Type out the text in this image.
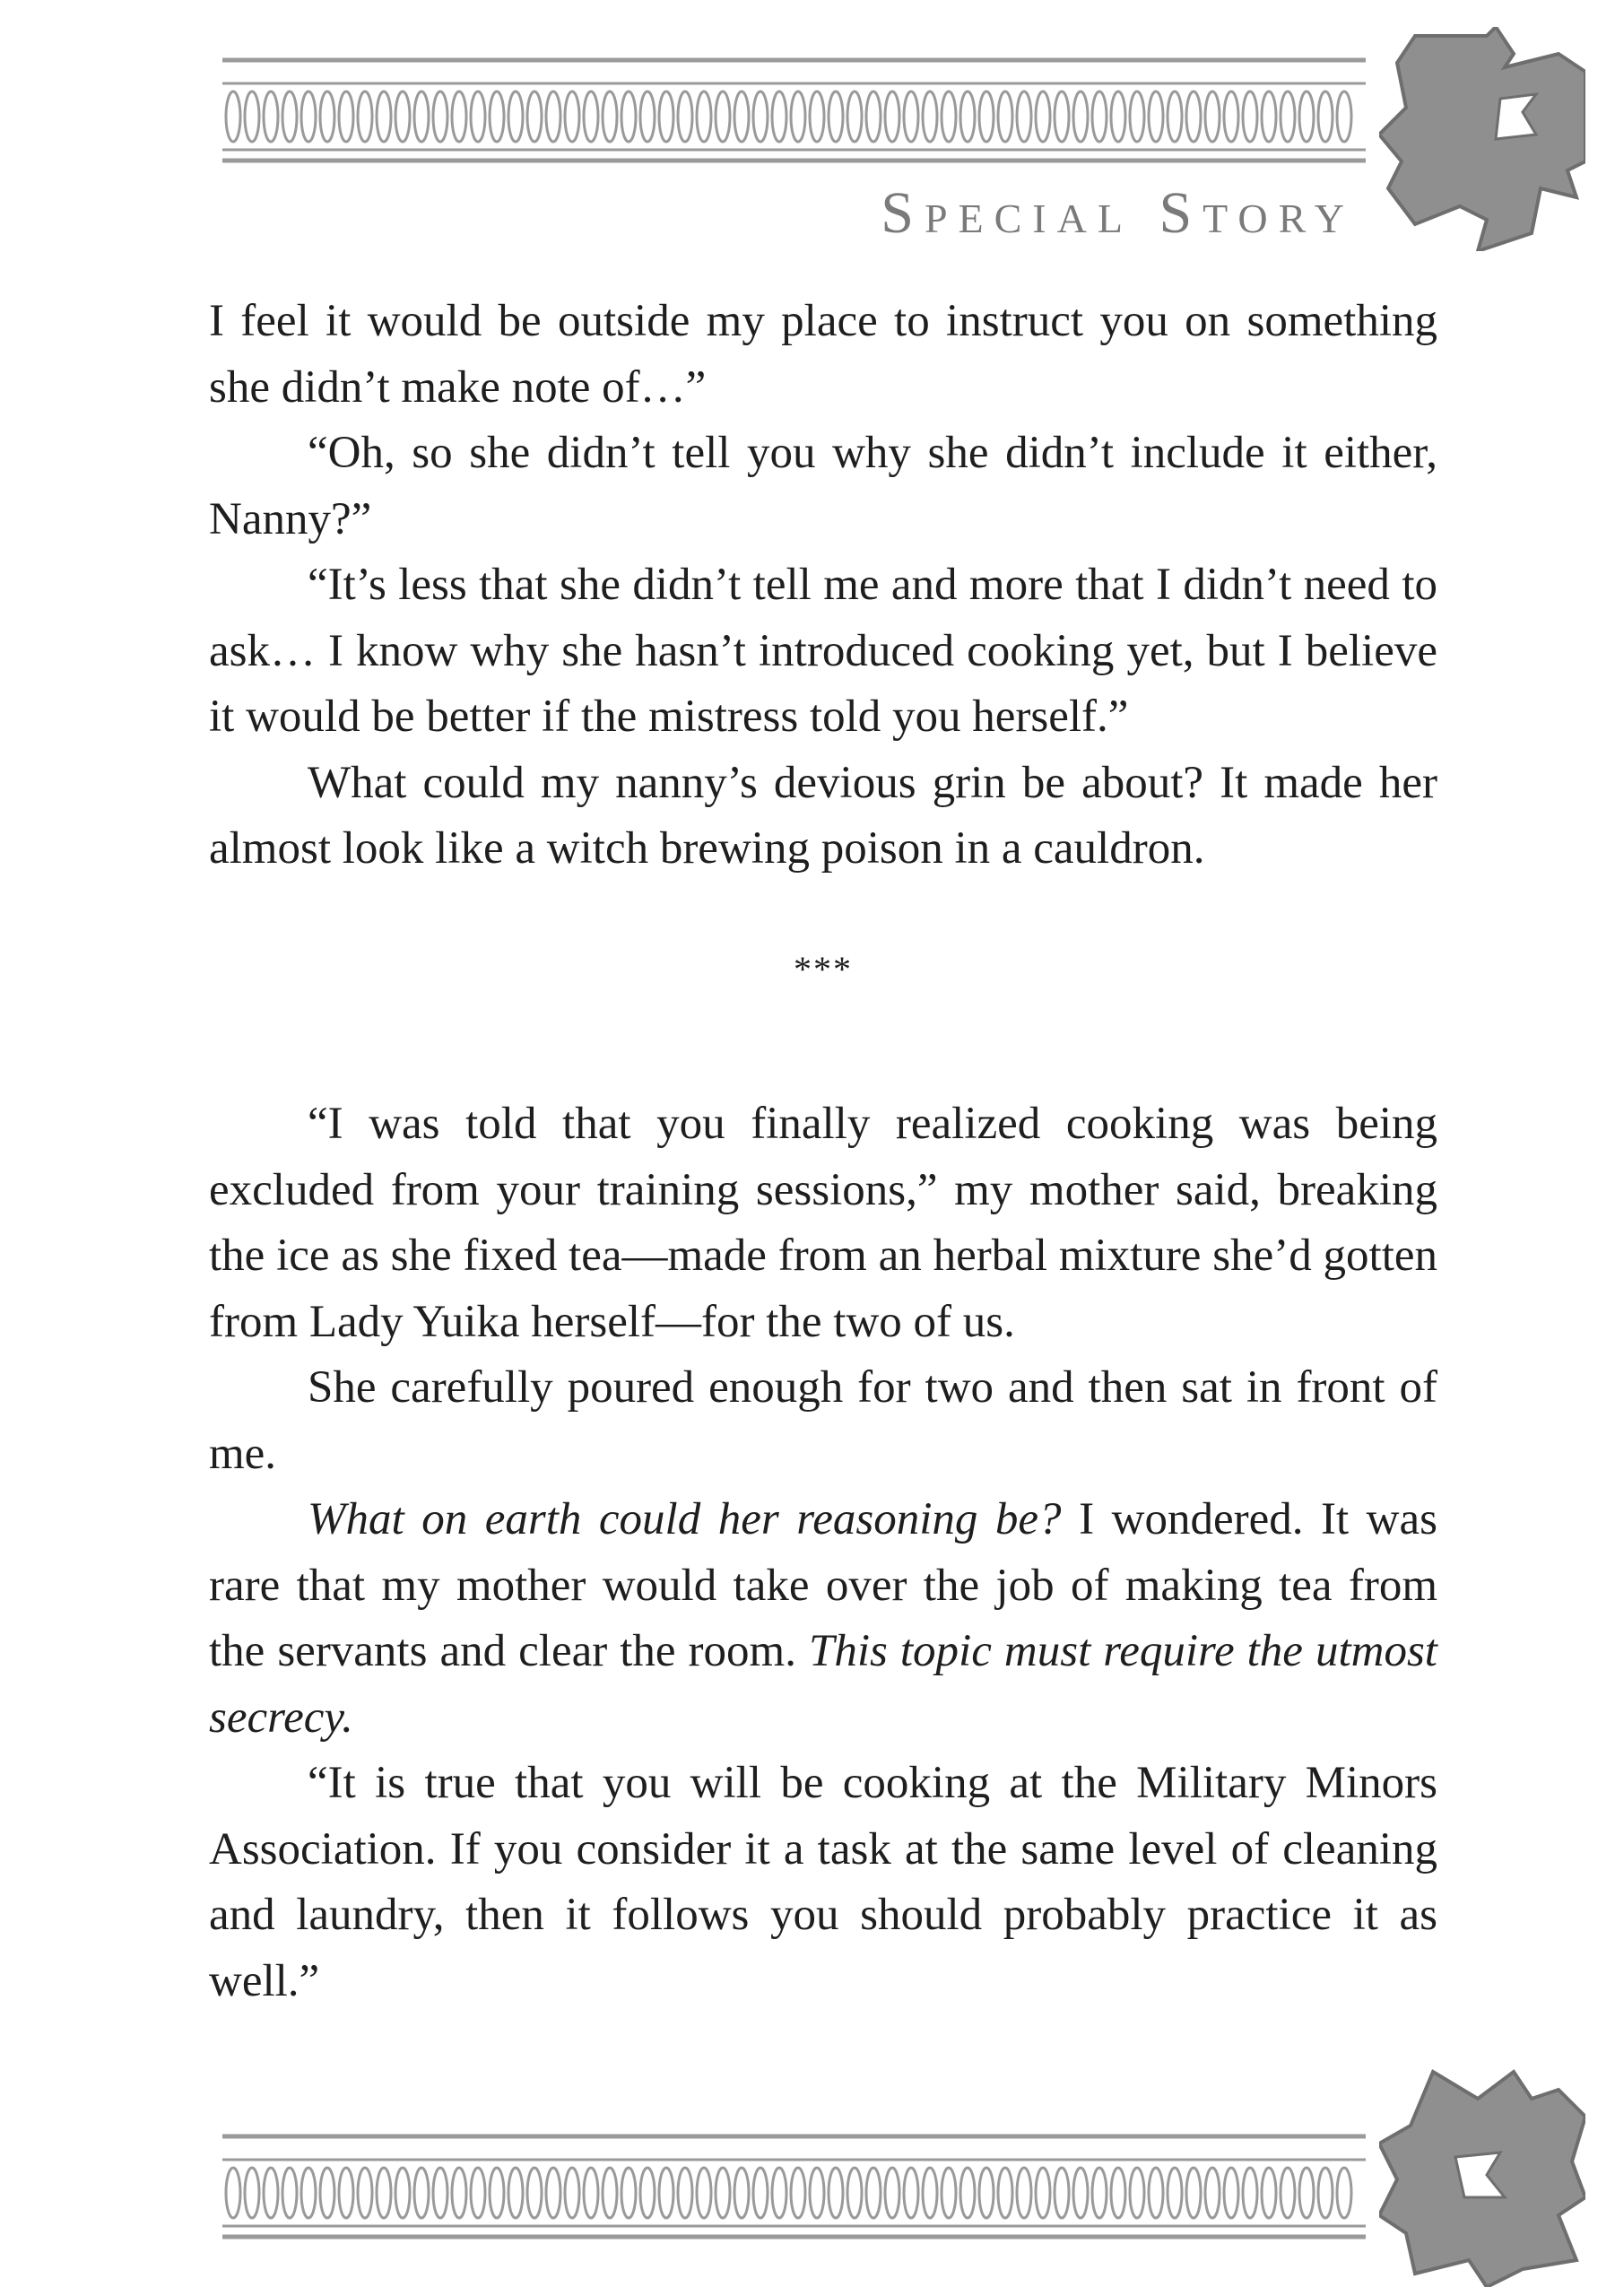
Special Story

I feel it would be outside my place to instruct you on something she didn’t make note of…”

“Oh, so she didn’t tell you why she didn’t include it either, Nanny?”

“It’s less that she didn’t tell me and more that I didn’t need to ask… I know why she hasn’t introduced cooking yet, but I believe it would be better if the mistress told you herself.”

What could my nanny’s devious grin be about? It made her almost look like a witch brewing poison in a cauldron.

***

“I was told that you finally realized cooking was being excluded from your training sessions,” my mother said, breaking the ice as she fixed tea—made from an herbal mixture she’d gotten from Lady Yuika herself—for the two of us.

She carefully poured enough for two and then sat in front of me.

What on earth could her reasoning be? I wondered. It was rare that my mother would take over the job of making tea from the servants and clear the room. This topic must require the utmost secrecy.

“It is true that you will be cooking at the Military Minors Association. If you consider it a task at the same level of cleaning and laundry, then it follows you should probably practice it as well.”
